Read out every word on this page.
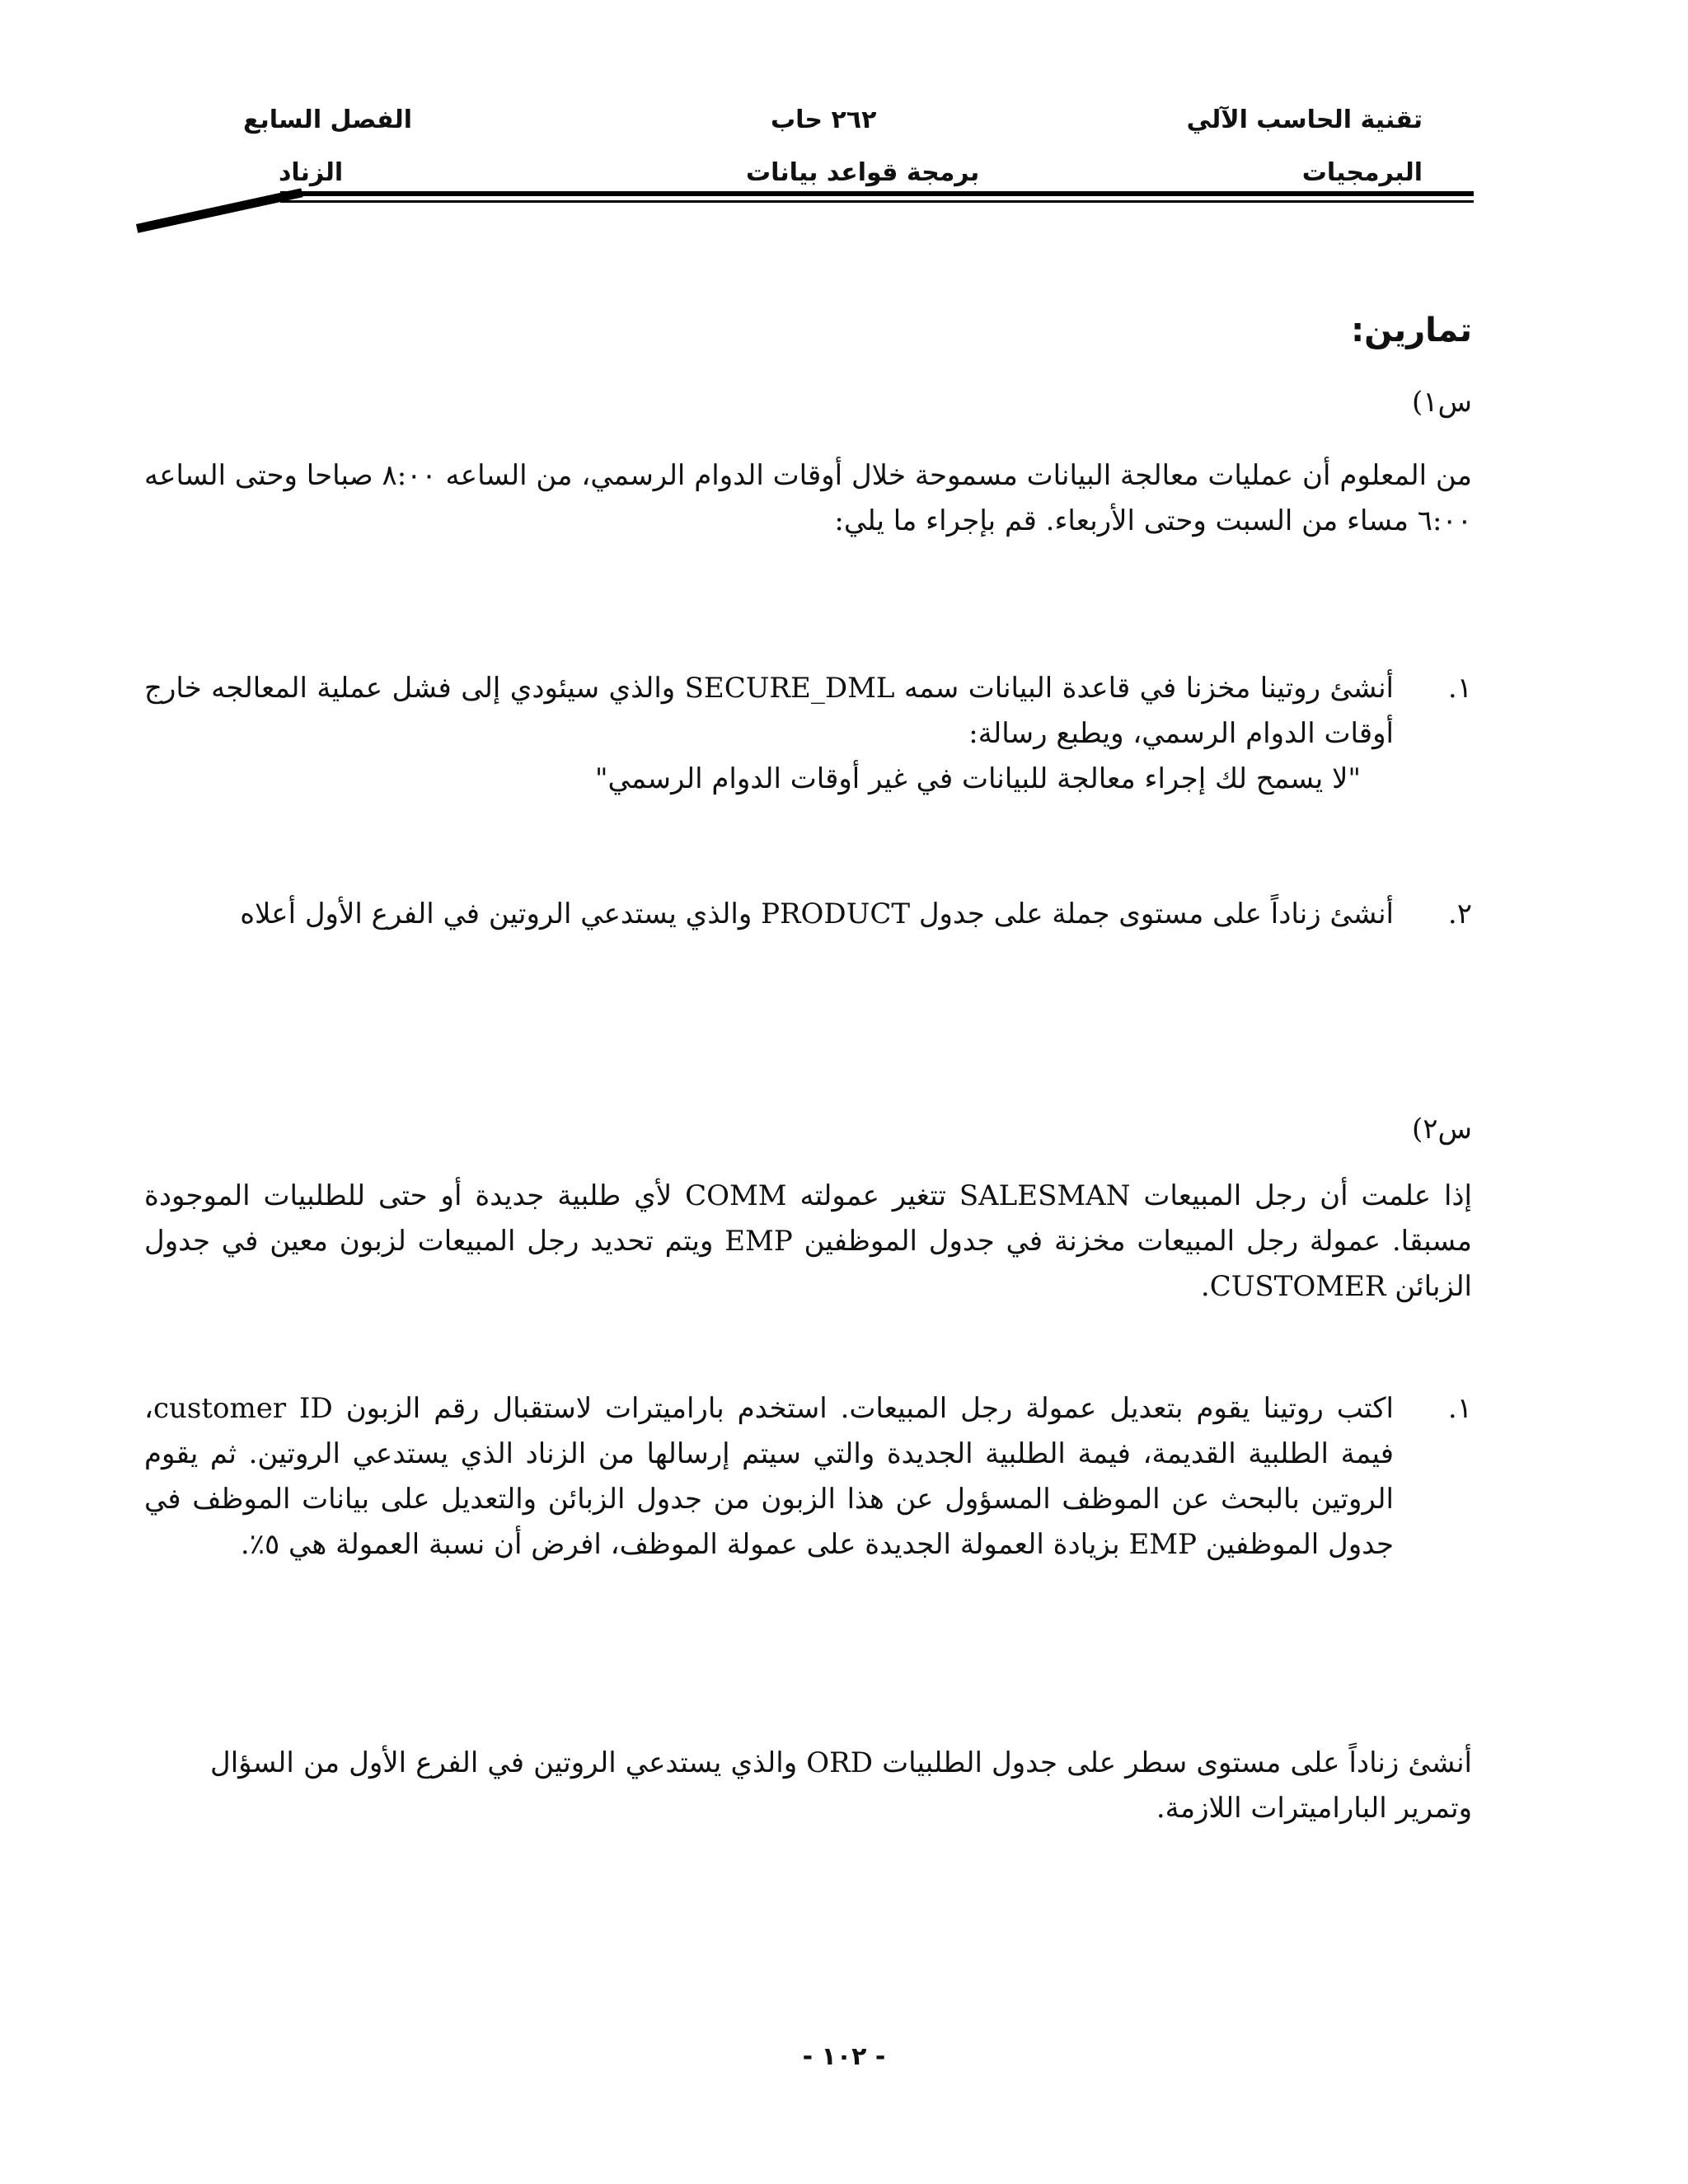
تقنية الحاسب الآلي
٢٦٢ حاب
الفصل السابع
البرمجيات
برمجة قواعد بيانات
الزناد
تمارين:
س١)
من المعلوم أن عمليات معالجة البيانات مسموحة خلال أوقات الدوام الرسمي، من الساعه ٨:٠٠ صباحا وحتى الساعه ٦:٠٠ مساء من السبت وحتى الأربعاء. قم بإجراء ما يلي:
١.
أنشئ روتينا مخزنا في قاعدة البيانات سمه SECURE_DML والذي سيئودي إلى فشل عملية المعالجه خارج أوقات الدوام الرسمي، ويطبع رسالة:
"لا يسمح لك إجراء معالجة للبيانات في غير أوقات الدوام الرسمي"
٢.
أنشئ زناداً على مستوى جملة على جدول PRODUCT والذي يستدعي الروتين في الفرع الأول أعلاه
س٢)
إذا علمت أن رجل المبيعات SALESMAN تتغير عمولته COMM لأي طلبية جديدة أو حتى للطلبيات الموجودة مسبقا. عمولة رجل المبيعات مخزنة في جدول الموظفين EMP ويتم تحديد رجل المبيعات لزبون معين في جدول الزبائن CUSTOMER.
١.
اكتب روتينا يقوم بتعديل عمولة رجل المبيعات. استخدم باراميترات لاستقبال رقم الزبون customer ID، فيمة الطلبية القديمة، فيمة الطلبية الجديدة والتي سيتم إرسالها من الزناد الذي يستدعي الروتين. ثم يقوم الروتين بالبحث عن الموظف المسؤول عن هذا الزبون من جدول الزبائن والتعديل على بيانات الموظف في جدول الموظفين EMP بزيادة العمولة الجديدة على عمولة الموظف، افرض أن نسبة العمولة هي ٥٪.
أنشئ زناداً على مستوى سطر على جدول الطلبيات ORD والذي يستدعي الروتين في الفرع الأول من السؤال وتمرير الباراميترات اللازمة.
- ١٠٢ -
